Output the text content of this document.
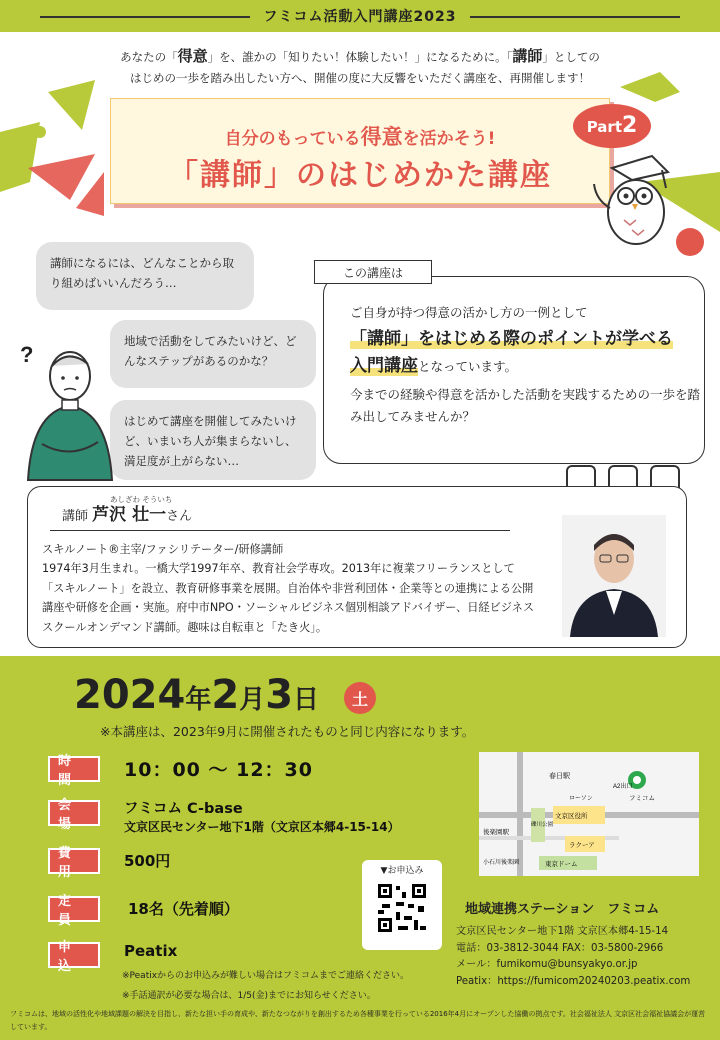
フミコム活動入門講座2023
あなたの「得意」を、誰かの「知りたい！体験したい！」になるために。「講師」としての
はじめの一歩を踏み出したい方へ、開催の度に大反響をいただく講座を、再開催します！
自分のもっている得意を活かそう!
「講師」のはじめかた講座
Part 2
講師になるには、どんなことから取り組めばいいんだろう…
地域で活動をしてみたいけど、どんなステップがあるのかな？
はじめて講座を開催してみたいけど、いまいち人が集まらないし、満足度が上がらない…
?
この講座は
ご自身が持つ得意の活かし方の一例として
「講師」をはじめる際のポイントが学べる
入門講座となっています。
今までの経験や得意を活かした活動を実践するための一歩を踏み出してみませんか？
あしざわ そういち
講師 芦沢 壮一さん
スキルノート®主宰/ファシリテーター/研修講師
1974年3月生まれ。一橋大学1997年卒、教育社会学専攻。2013年に複業フリーランスとして「スキルノート」を設立、教育研修事業を展開。自治体や非営利団体・企業等との連携による公開講座や研修を企画・実施。府中市NPO・ソーシャルビジネス個別相談アドバイザー、日経ビジネススクールオンデマンド講師。趣味は自転車と「たき火」。
2024年2月3日	土
※本講座は、2023年9月に開催されたものと同じ内容になります。
時間	10：00 ～ 12：30
会場
フミコム C-base
文京区民センター地下1階（文京区本郷4-15-14）
費用
500円
定員
18名（先着順）
申込
Peatix
※Peatixからのお申込みが難しい場合はフミコムまでご連絡ください。
※手話通訳が必要な場合は、1/5(金)までにお知らせください。
▼お申込み
春日駅
A2出口
ローソン
文京区役所
後楽園駅
ラクーア
東京ドーム
小石川後楽園
礫川公園
フミコム
地域連携ステーション　フミコム
文京区民センター地下1階 文京区本郷4-15-14
電話：03-3812-3044 FAX：03-5800-2966
メール：fumikomu@bunsyakyo.or.jp
Peatix：https://fumicom20240203.peatix.com
フミコムは、地域の活性化や地域課題の解決を目指し、新たな担い手の育成や、新たなつながりを創出するため各種事業を行っている2016年4月にオープンした協働の拠点です。社会福祉法人 文京区社会福祉協議会が運営しています。
